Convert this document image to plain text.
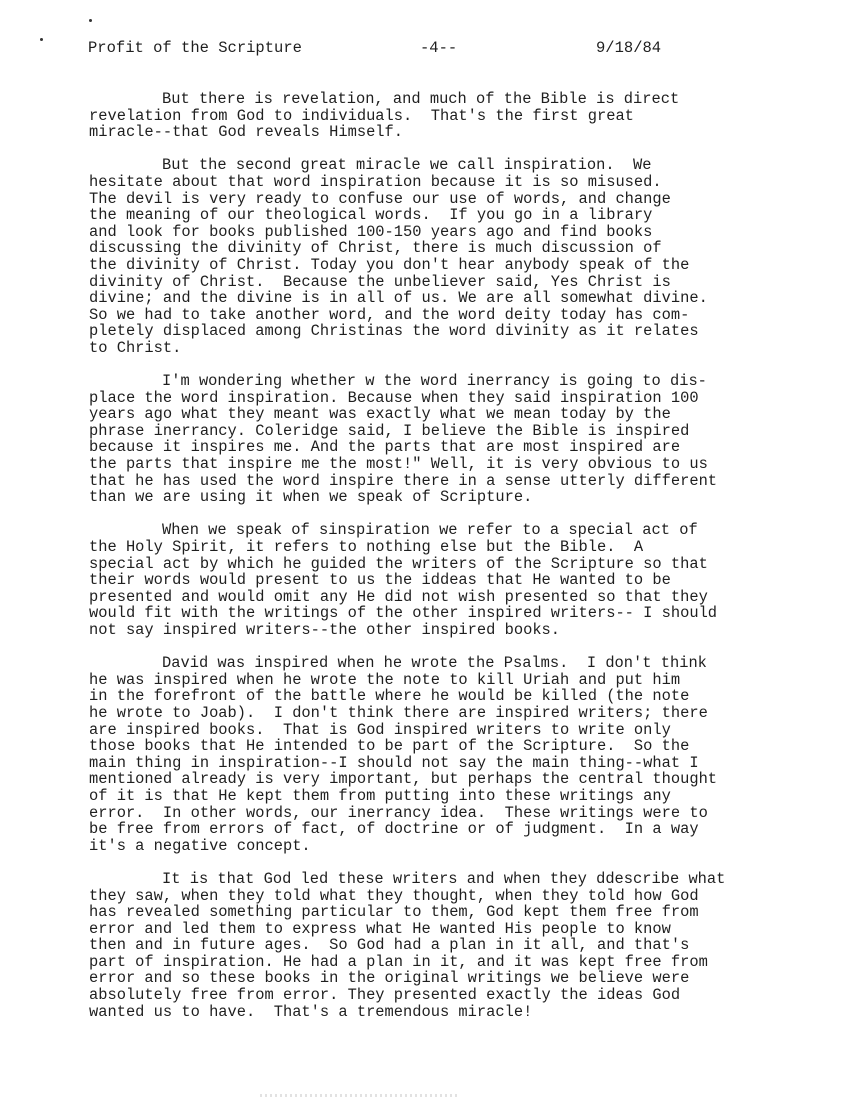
Profit of the Scripture	-4--	9/18/84

But there is revelation, and much of the Bible is direct
revelation from God to individuals.  That's the first great
miracle--that God reveals Himself.

But the second great miracle we call inspiration.  We
hesitate about that word inspiration because it is so misused.
The devil is very ready to confuse our use of words, and change
the meaning of our theological words.  If you go in a library
and look for books published 100-150 years ago and find books
discussing the divinity of Christ, there is much discussion of
the divinity of Christ. Today you don't hear anybody speak of the
divinity of Christ.  Because the unbeliever said, Yes Christ is
divine; and the divine is in all of us. We are all somewhat divine.
So we had to take another word, and the word deity today has com-
pletely displaced among Christinas the word divinity as it relates
to Christ.

I'm wondering whether w the word inerrancy is going to dis-
place the word inspiration. Because when they said inspiration 100
years ago what they meant was exactly what we mean today by the
phrase inerrancy. Coleridge said, I believe the Bible is inspired
because it inspires me. And the parts that are most inspired are
the parts that inspire me the most!" Well, it is very obvious to us
that he has used the word inspire there in a sense utterly different
than we are using it when we speak of Scripture.

When we speak of sinspiration we refer to a special act of
the Holy Spirit, it refers to nothing else but the Bible.  A
special act by which he guided the writers of the Scripture so that
their words would present to us the iddeas that He wanted to be
presented and would omit any He did not wish presented so that they
would fit with the writings of the other inspired writers-- I should
not say inspired writers--the other inspired books.

David was inspired when he wrote the Psalms.  I don't think
he was inspired when he wrote the note to kill Uriah and put him
in the forefront of the battle where he would be killed (the note
he wrote to Joab).  I don't think there are inspired writers; there
are inspired books.  That is God inspired writers to write only
those books that He intended to be part of the Scripture.  So the
main thing in inspiration--I should not say the main thing--what I
mentioned already is very important, but perhaps the central thought
of it is that He kept them from putting into these writings any
error.  In other words, our inerrancy idea.  These writings were to
be free from errors of fact, of doctrine or of judgment.  In a way
it's a negative concept.

It is that God led these writers and when they ddescribe what
they saw, when they told what they thought, when they told how God
has revealed something particular to them, God kept them free from
error and led them to express what He wanted His people to know
then and in future ages.  So God had a plan in it all, and that's
part of inspiration. He had a plan in it, and it was kept free from
error and so these books in the original writings we believe were
absolutely free from error. They presented exactly the ideas God
wanted us to have.  That's a tremendous miracle!
